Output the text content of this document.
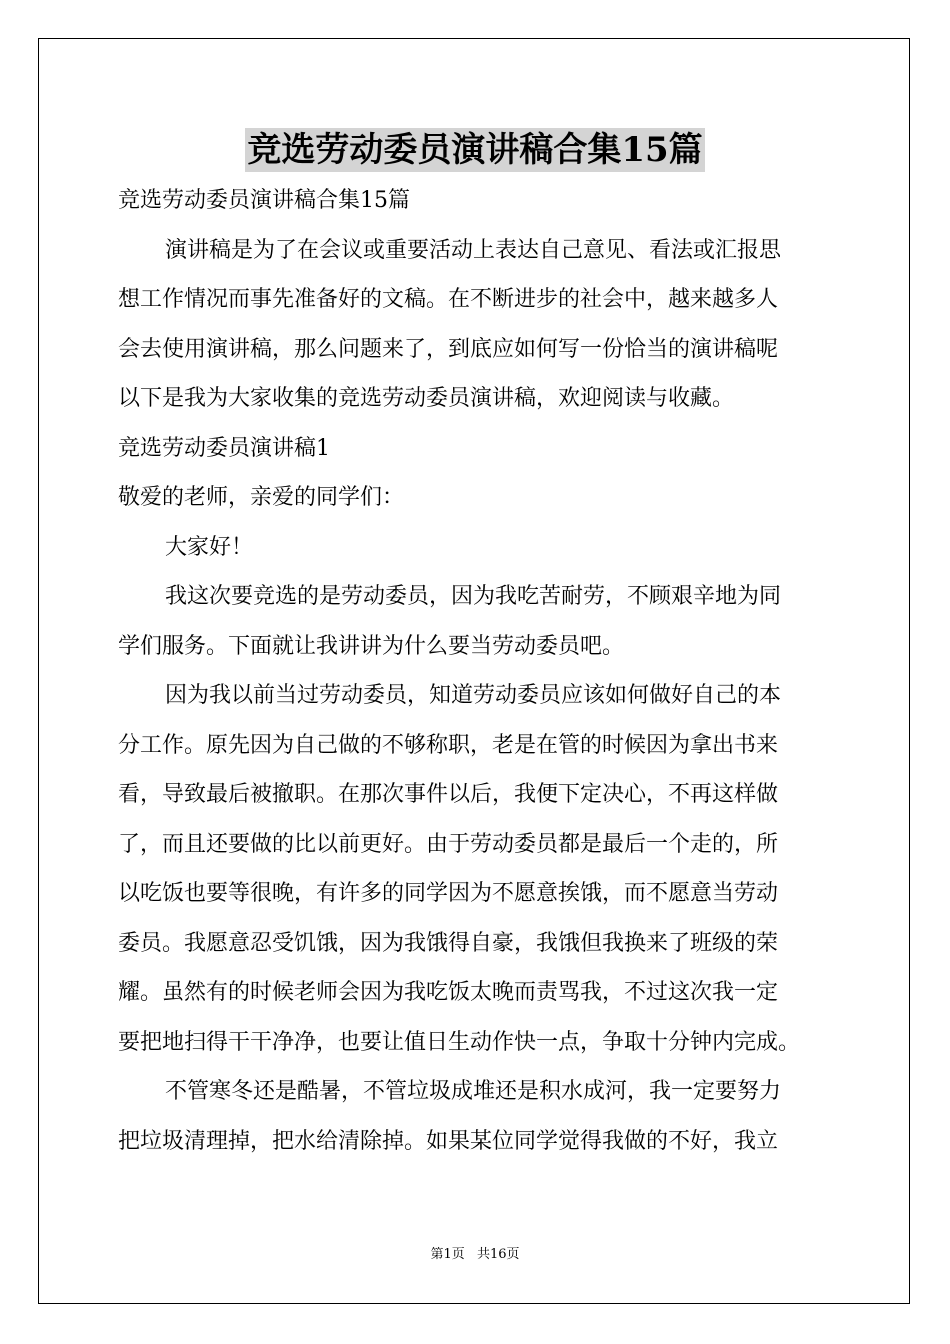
竞选劳动委员演讲稿合集15篇
竞选劳动委员演讲稿合集15篇
演讲稿是为了在会议或重要活动上表达自己意见、看法或汇报思
想工作情况而事先准备好的文稿。在不断进步的社会中，越来越多人
会去使用演讲稿，那么问题来了，到底应如何写一份恰当的演讲稿呢
以下是我为大家收集的竞选劳动委员演讲稿，欢迎阅读与收藏。
竞选劳动委员演讲稿1
敬爱的老师，亲爱的同学们：
大家好！
我这次要竞选的是劳动委员，因为我吃苦耐劳，不顾艰辛地为同
学们服务。下面就让我讲讲为什么要当劳动委员吧。
因为我以前当过劳动委员，知道劳动委员应该如何做好自己的本
分工作。原先因为自己做的不够称职，老是在管的时候因为拿出书来
看，导致最后被撤职。在那次事件以后，我便下定决心，不再这样做
了，而且还要做的比以前更好。由于劳动委员都是最后一个走的，所
以吃饭也要等很晚，有许多的同学因为不愿意挨饿，而不愿意当劳动
委员。我愿意忍受饥饿，因为我饿得自豪，我饿但我换来了班级的荣
耀。虽然有的时候老师会因为我吃饭太晚而责骂我，不过这次我一定
要把地扫得干干净净，也要让值日生动作快一点，争取十分钟内完成。
不管寒冬还是酷暑，不管垃圾成堆还是积水成河，我一定要努力
把垃圾清理掉，把水给清除掉。如果某位同学觉得我做的不好，我立
第1页 共16页
